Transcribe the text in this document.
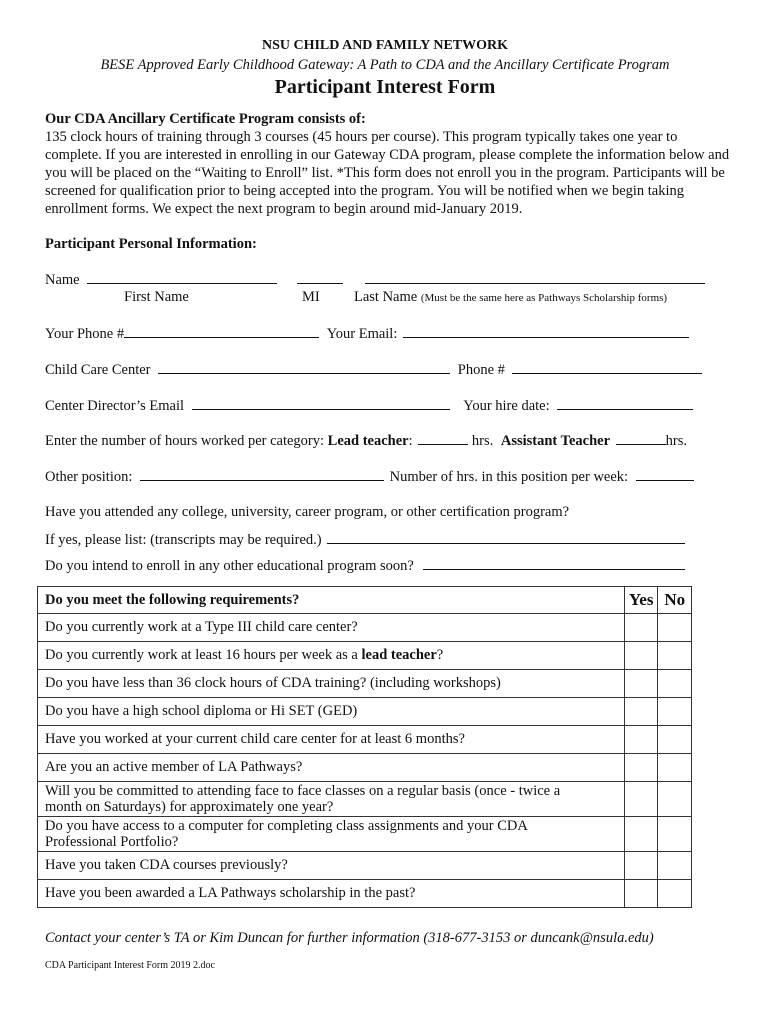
NSU CHILD AND FAMILY NETWORK
BESE Approved Early Childhood Gateway: A Path to CDA and the Ancillary Certificate Program
Participant Interest Form
Our CDA Ancillary Certificate Program consists of:
135 clock hours of training through 3 courses (45 hours per course). This program typically takes one year to complete. If you are interested in enrolling in our Gateway CDA program, please complete the information below and you will be placed on the “Waiting to Enroll” list. *This form does not enroll you in the program. Participants will be screened for qualification prior to being accepted into the program. You will be notified when we begin taking enrollment forms. We expect the next program to begin around mid-January 2019.
Participant Personal Information:
Name
First Name	MI Last Name (Must be the same here as Pathways Scholarship forms)
Your Phone #	Your Email:
Child Care Center	Phone #
Center Director’s Email	Your hire date:
Enter the number of hours worked per category: Lead teacher:	hrs. Assistant Teacher	hrs.
Other position:	Number of hrs. in this position per week:
Have you attended any college, university, career program, or other certification program?
If yes, please list: (transcripts may be required.)
Do you intend to enroll in any other educational program soon?
Do you meet the following requirements?	Yes	No
Do you currently work at a Type III child care center?		
Do you currently work at least 16 hours per week as a lead teacher?		
Do you have less than 36 clock hours of CDA training? (including workshops)		
Do you have a high school diploma or Hi SET (GED)		
Have you worked at your current child care center for at least 6 months?		
Are you an active member of LA Pathways?		

Will you be committed to attending face to face classes on a regular basis (once - twice a
month on Saturdays) for approximately one year?		

Do you have access to a computer for completing class assignments and your CDA
Professional Portfolio?		

Have you taken CDA courses previously?		
Have you been awarded a LA Pathways scholarship in the past?		
Contact your center’s TA or Kim Duncan for further information (318-677-3153 or duncank@nsula.edu)
CDA Participant Interest Form 2019 2.doc
